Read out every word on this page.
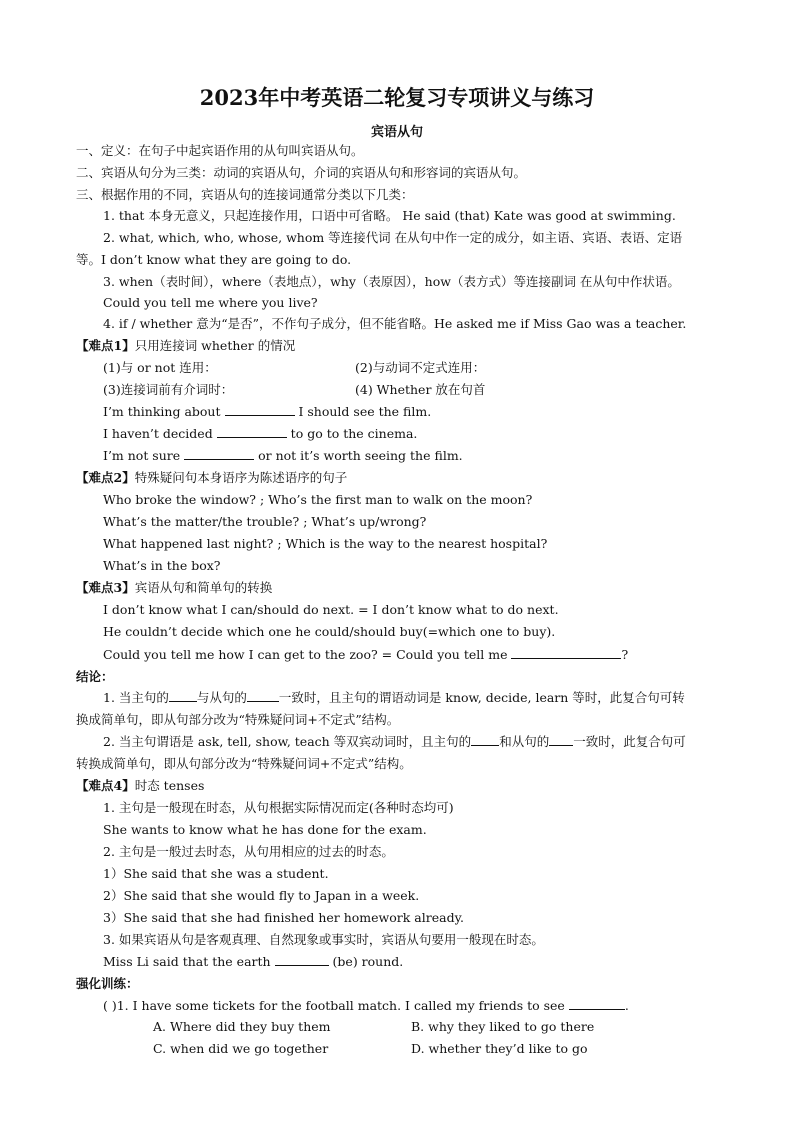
2023年中考英语二轮复习专项讲义与练习
宾语从句
一、定义：在句子中起宾语作用的从句叫宾语从句。
二、宾语从句分为三类：动词的宾语从句，介词的宾语从句和形容词的宾语从句。
三、根据作用的不同，宾语从句的连接词通常分类以下几类：
1. that 本身无意义，只起连接作用，口语中可省略。 He said (that) Kate was good at swimming.
2. what, which, who, whose, whom 等连接代词 在从句中作一定的成分，如主语、宾语、表语、定语
等。I don’t know what they are going to do.
3. when（表时间），where（表地点），why（表原因），how（表方式）等连接副词 在从句中作状语。
Could you tell me where you live?
4. if / whether 意为“是否”，不作句子成分，但不能省略。He asked me if Miss Gao was a teacher.
【难点1】只用连接词 whether 的情况
(1)与 or not 连用：	(2)与动词不定式连用：
(3)连接词前有介词时：	(4) Whether 放在句首
I’m thinking about	I should see the film.
I haven’t decided	to go to the cinema.
I’m not sure	or not it’s worth seeing the film.
【难点2】特殊疑问句本身语序为陈述语序的句子
Who broke the window? ; Who’s the first man to walk on the moon?
What’s the matter/the trouble? ; What’s up/wrong?
What happened last night? ; Which is the way to the nearest hospital?
What’s in the box?
【难点3】宾语从句和简单句的转换
I don’t know what I can/should do next. = I don’t know what to do next.
He couldn’t decide which one he could/should buy(=which one to buy).
Could you tell me how I can get to the zoo? = Could you tell me	?
结论：
1. 当主句的 与从句的	一致时，且主句的谓语动词是 know, decide, learn 等时，此复合句可转
换成简单句，即从句部分改为“特殊疑问词+不定式”结构。
2. 当主句谓语是 ask, tell, show, teach 等双宾动词时，且主句的 和从句的 一致时，此复合句可
转换成简单句，即从句部分改为“特殊疑问词+不定式”结构。
【难点4】时态 tenses
1. 主句是一般现在时态，从句根据实际情况而定(各种时态均可)
She wants to know what he has done for the exam.
2. 主句是一般过去时态，从句用相应的过去的时态。
1）She said that she was a student.
2）She said that she would fly to Japan in a week.
3）She said that she had finished her homework already.
3. 如果宾语从句是客观真理、自然现象或事实时，宾语从句要用一般现在时态。
Miss Li said that the earth	(be) round.
强化训练：
( )1. I have some tickets for the football match. I called my friends to see	.
A. Where did they buy them	B. why they liked to go there
C. when did we go together	D. whether they’d like to go
